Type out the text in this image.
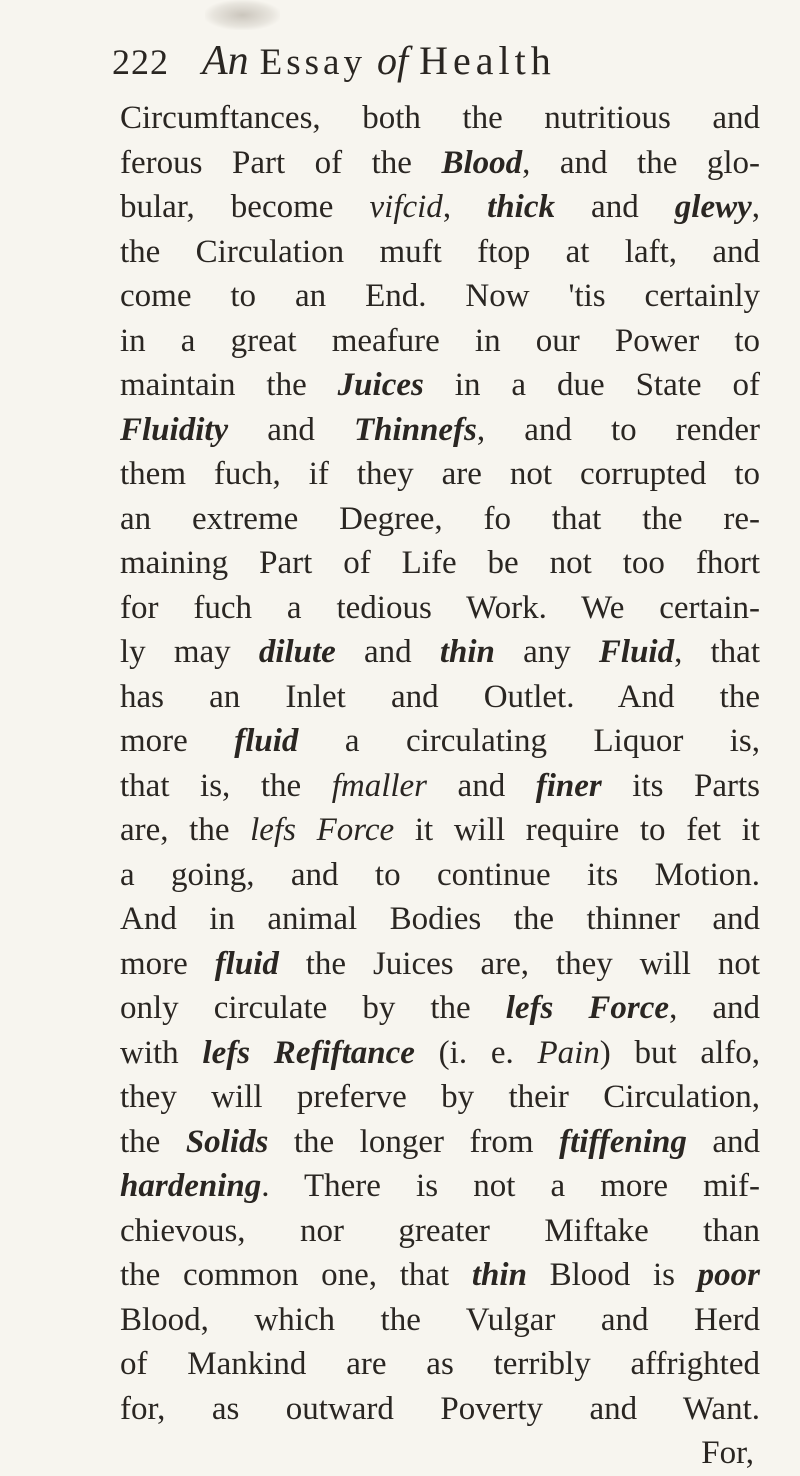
222 An Essay of Health
Circumftances, both the nutritious and
ferous Part of the Blood, and the glo-
bular, become vifcid, thick and glewy,
the Circulation muft ftop at laft, and
come to an End. Now 'tis certainly
in a great meafure in our Power to
maintain the Juices in a due State of
Fluidity and Thinnefs, and to render
them fuch, if they are not corrupted to
an extreme Degree, fo that the re-
maining Part of Life be not too fhort
for fuch a tedious Work. We certain-
ly may dilute and thin any Fluid, that
has an Inlet and Outlet. And the
more fluid a circulating Liquor is,
that is, the fmaller and finer its Parts
are, the lefs Force it will require to fet it
a going, and to continue its Motion.
And in animal Bodies the thinner and
more fluid the Juices are, they will not
only circulate by the lefs Force, and
with lefs Refiftance (i. e. Pain) but alfo,
they will preferve by their Circulation,
the Solids the longer from ftiffening and
hardening. There is not a more mif-
chievous, nor greater Miftake than
the common one, that thin Blood is poor
Blood, which the Vulgar and Herd
of Mankind are as terribly affrighted
for, as outward Poverty and Want.
For,
